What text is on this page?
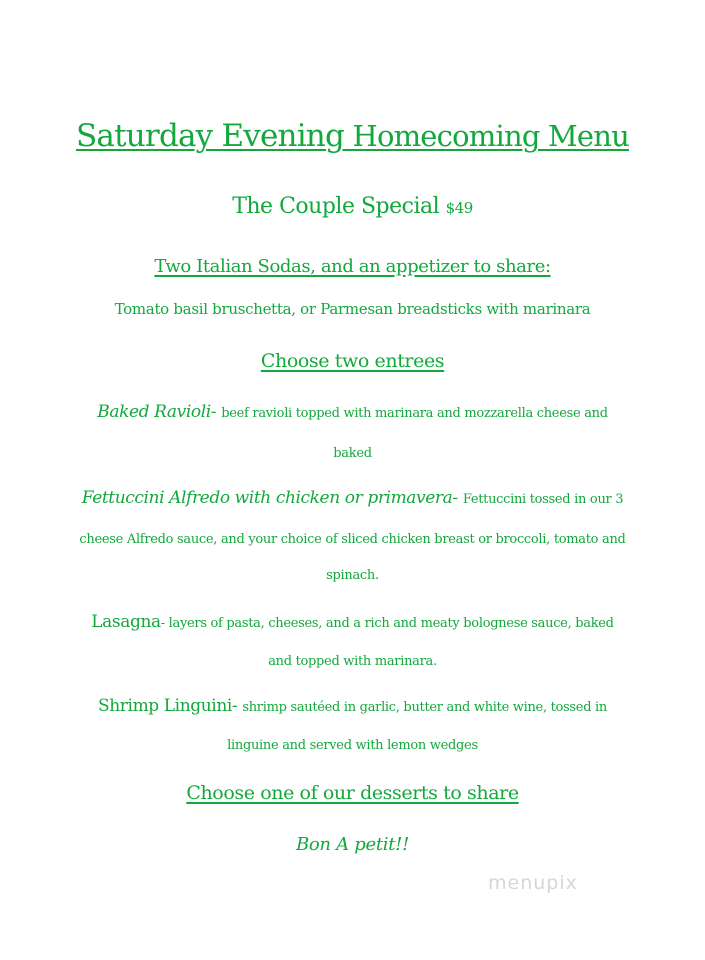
Saturday Evening Homecoming Menu
The Couple Special $49
Two Italian Sodas, and an appetizer to share:
Tomato basil bruschetta, or Parmesan breadsticks with marinara
Choose two entrees
Baked Ravioli- beef ravioli topped with marinara and mozzarella cheese and
baked
Fettuccini Alfredo with chicken or primavera- Fettuccini tossed in our 3
cheese Alfredo sauce, and your choice of sliced chicken breast or broccoli, tomato and
spinach.
Lasagna- layers of pasta, cheeses, and a rich and meaty bolognese sauce, baked
and topped with marinara.
Shrimp Linguini- shrimp sautéed in garlic, butter and white wine, tossed in
linguine and served with lemon wedges
Choose one of our desserts to share
Bon A petit!!
menupix
